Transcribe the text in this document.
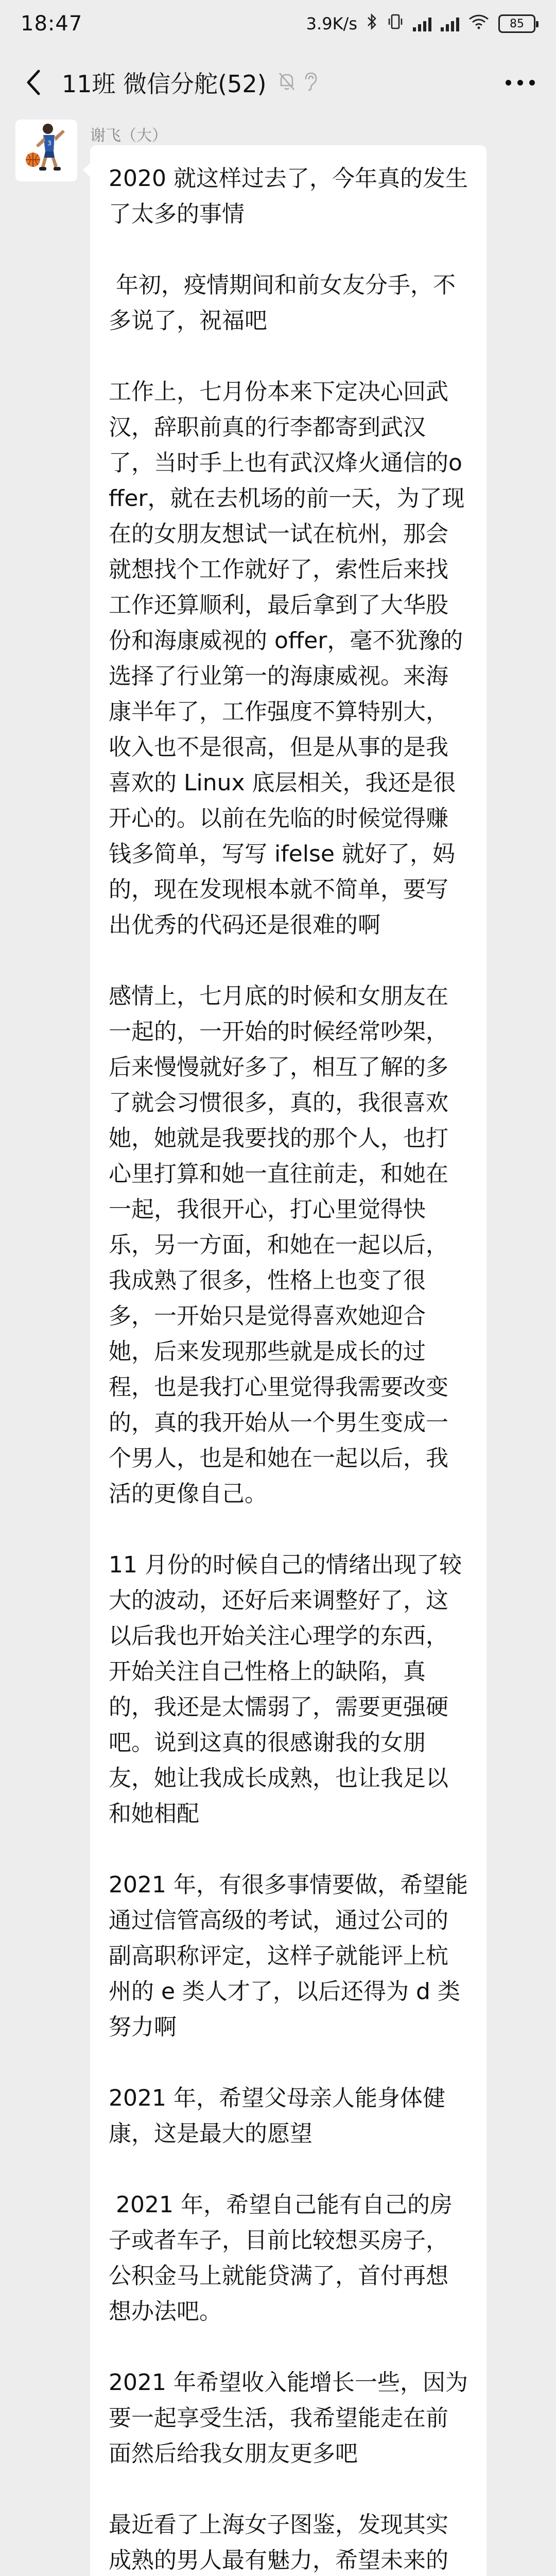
18:47	3.9K/s	85
11班 微信分舵(52)
3	谢飞（大）
2020 就这样过去了，今年真的发生了太多的事情
年初，疫情期间和前女友分手，不多说了，祝福吧
工作上，七月份本来下定决心回武汉，辞职前真的行李都寄到武汉了，当时手上也有武汉烽火通信的offer，就在去机场的前一天，为了现在的女朋友想试一试在杭州，那会就想找个工作就好了，索性后来找工作还算顺利，最后拿到了大华股份和海康威视的 offer，毫不犹豫的选择了行业第一的海康威视。来海康半年了，工作强度不算特别大，收入也不是很高，但是从事的是我喜欢的 Linux 底层相关，我还是很开心的。以前在先临的时候觉得赚钱多简单，写写 ifelse 就好了，妈的，现在发现根本就不简单，要写出优秀的代码还是很难的啊
感情上，七月底的时候和女朋友在一起的，一开始的时候经常吵架，后来慢慢就好多了，相互了解的多了就会习惯很多，真的，我很喜欢她，她就是我要找的那个人，也打心里打算和她一直往前走，和她在一起，我很开心，打心里觉得快乐，另一方面，和她在一起以后，我成熟了很多，性格上也变了很多，一开始只是觉得喜欢她迎合她，后来发现那些就是成长的过程，也是我打心里觉得我需要改变的，真的我开始从一个男生变成一个男人，也是和她在一起以后，我活的更像自己。
11 月份的时候自己的情绪出现了较大的波动，还好后来调整好了，这以后我也开始关注心理学的东西，开始关注自己性格上的缺陷，真的，我还是太懦弱了，需要更强硬吧。说到这真的很感谢我的女朋友，她让我成长成熟，也让我足以和她相配
2021 年，有很多事情要做，希望能通过信管高级的考试，通过公司的副高职称评定，这样子就能评上杭州的 e 类人才了，以后还得为 d 类努力啊
2021 年，希望父母亲人能身体健康，这是最大的愿望
2021 年，希望自己能有自己的房子或者车子，目前比较想买房子，公积金马上就能贷满了，首付再想想办法吧。
2021 年希望收入能增长一些，因为要一起享受生活，我希望能走在前面然后给我女朋友更多吧
最近看了上海女子图鉴，发现其实成熟的男人最有魅力，希望未来的
